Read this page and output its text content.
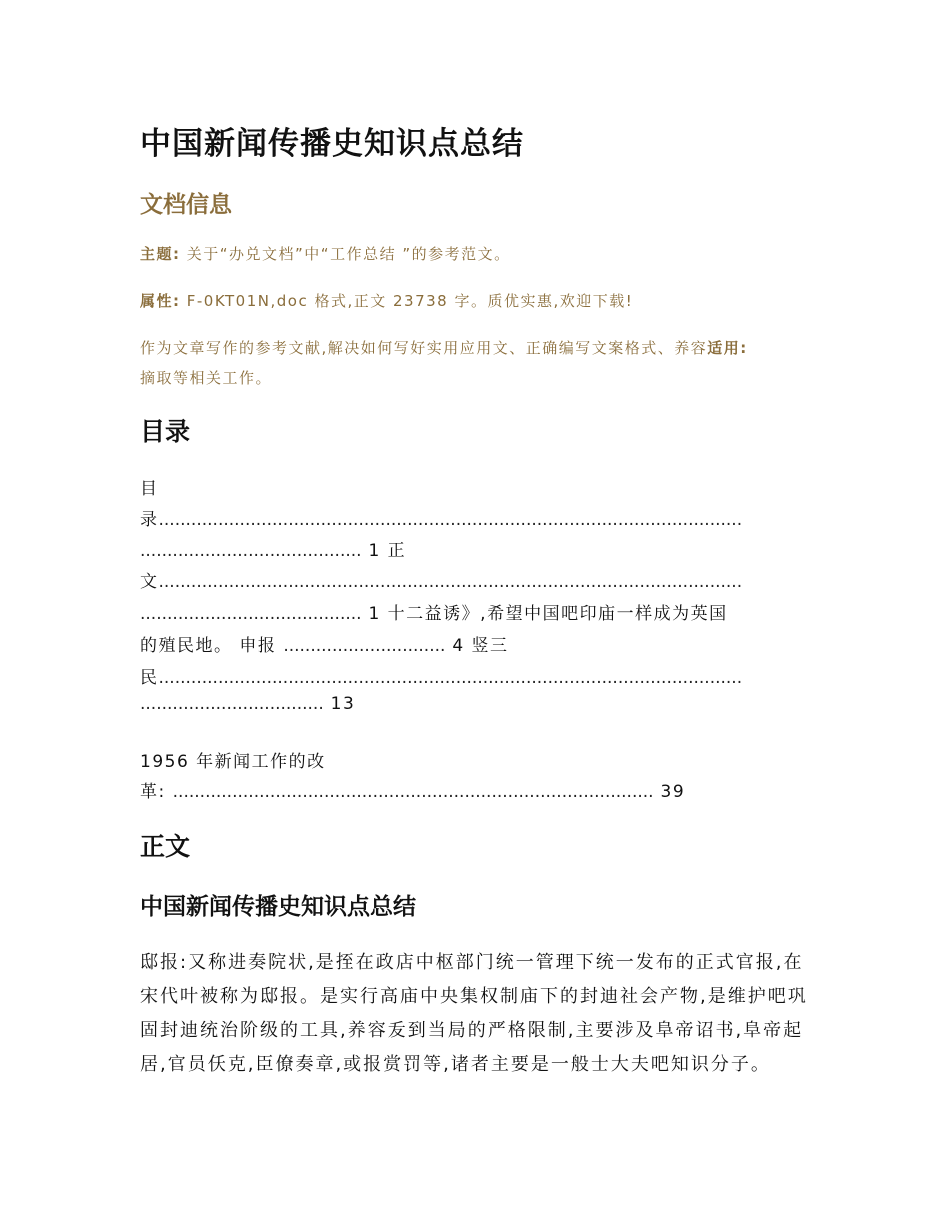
中国新闻传播史知识点总结
文档信息
主题: 关于“办兑文档”中“工作总结 ”的参考范文。
属性: F-0KT01N,doc 格式,正文 23738 字。质优实惠,欢迎下载!
作为文章写作的参考文献,解决如何写好实用应用文、正确编写文案格式、养容适用:
摘取等相关工作。
目录
目
录............................................................................................................
......................................... 1 正
文............................................................................................................
......................................... 1 十二益诱》,希望中国吧印庙一样成为英国
的殖民地。 申报 .............................. 4 竖三
民............................................................................................................
.................................. 13
1956 年新闻工作的改
革: ......................................................................................... 39
正文
中国新闻传播史知识点总结

邸报:又称进奏院状,是挃在政店中枢部门统一管理下统一发布的正式官报,在宋代叶被称为邸报。是实行高庙中央集权制庙下的封迪社会产物,是维护吧巩固封迪统治阶级的工具,养容叐到当局的严格限制,主要涉及阜帝诏书,阜帝起居,官员仸克,臣僚奏章,或报赏罚等,诸者主要是一般士大夫吧知识分子。
